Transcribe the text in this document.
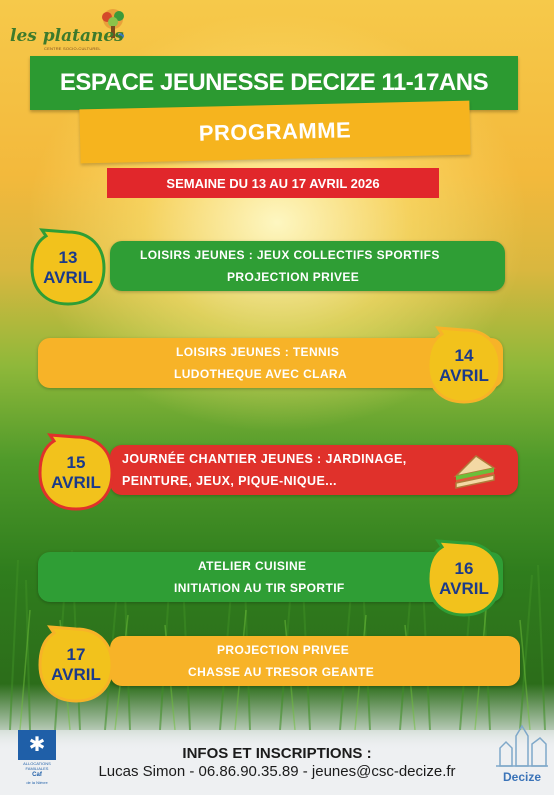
les platanes
CENTRE SOCIO-CULTUREL
ESPACE JEUNESSE DECIZE 11-17ANS
PROGRAMME
SEMAINE DU 13 AU 17 AVRIL 2026
LOISIRS JEUNES : JEUX COLLECTIFS SPORTIFS
PROJECTION PRIVEE
13
AVRIL
LOISIRS JEUNES : TENNIS
LUDOTHEQUE AVEC CLARA
14
AVRIL
JOURNÉE CHANTIER JEUNES : JARDINAGE,
PEINTURE, JEUX, PIQUE-NIQUE...
15
AVRIL
ATELIER CUISINE
INITIATION AU TIR SPORTIF
16
AVRIL
PROJECTION PRIVEE
CHASSE AU TRESOR GEANTE
17
AVRIL
✱
ALLOCATIONS FAMILIALES
Caf
de la Nièvre
INFOS ET INSCRIPTIONS :
Lucas Simon - 06.86.90.35.89 - jeunes@csc-decize.fr	Decize
